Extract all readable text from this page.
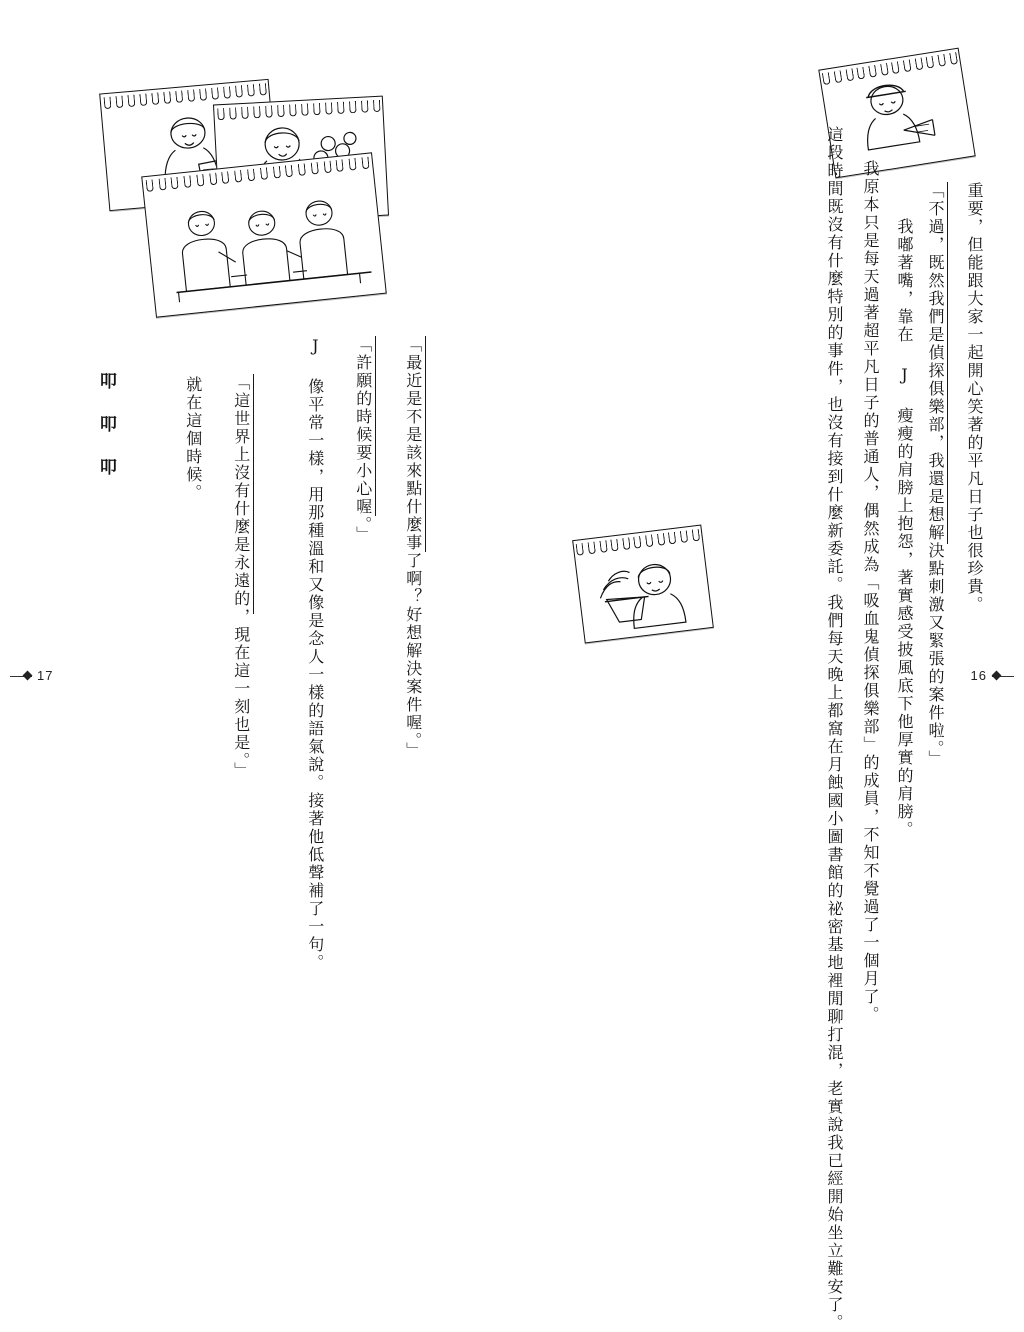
重要，但能跟大家一起開心笑著的平凡日子也很珍貴。
「不過，既然我們是偵探俱樂部，我還是想解決點刺激又緊張的案件啦。」
我嘟著嘴，靠在 J 瘦瘦的肩膀上抱怨，著實感受披風底下他厚實的肩膀。
我原本只是每天過著超平凡日子的普通人，偶然成為「吸血鬼偵探俱樂部」的成員，不知不覺過了一個月了。
這段時間既沒有什麼特別的事件，也沒有接到什麼新委託。我們每天晚上都窩在月蝕國小圖書館的祕密基地裡閒聊打混，老實說我已經開始坐立難安了。
「最近是不是該來點什麼事了啊？好想解決案件喔。」
「許願的時候要小心喔。」
J 像平常一樣，用那種溫和又像是念人一樣的語氣說。接著他低聲補了一句。
「這世界上沒有什麼是永遠的，現在這一刻也是。」
就在這個時候。
叩 叩 叩
17	16
